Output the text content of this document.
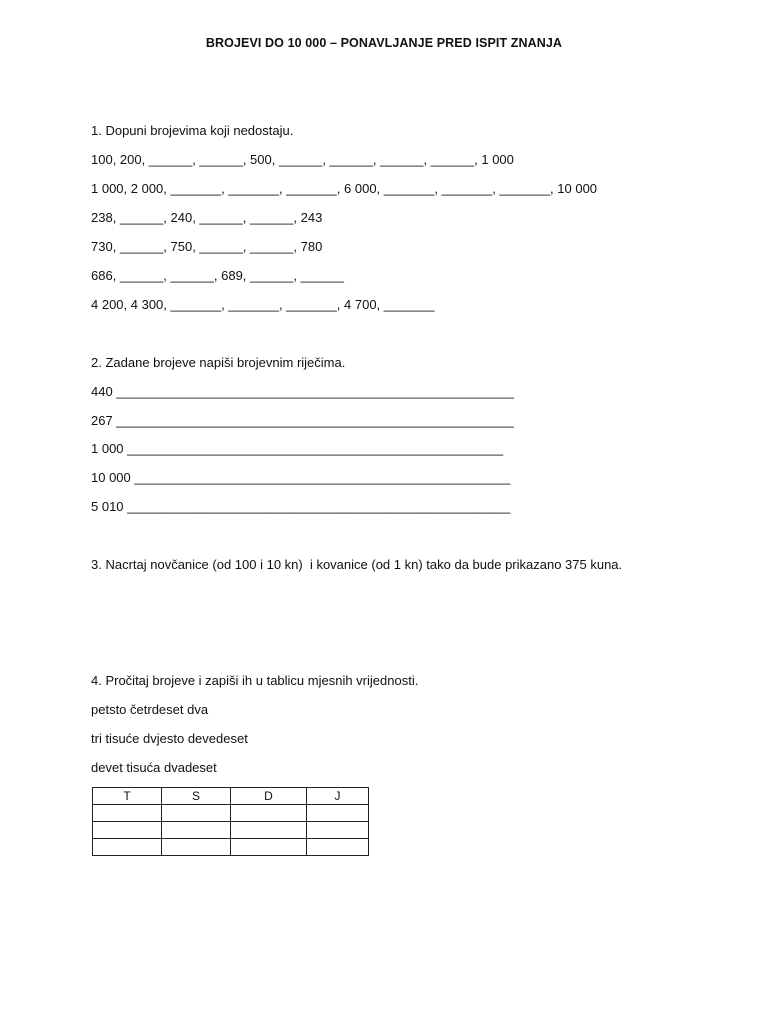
BROJEVI DO 10 000 – PONAVLJANJE PRED ISPIT ZNANJA
1. Dopuni brojevima koji nedostaju.
100, 200, ______, ______, 500, ______, ______, ______, ______, 1 000
1 000, 2 000, _______, _______, _______, 6 000, _______, _______, _______, 10 000
238, ______, 240, ______, ______, 243
730, ______, 750, ______, ______, 780
686, ______, ______, 689, ______, ______
4 200, 4 300, _______, _______, _______, 4 700, _______
2. Zadane brojeve napiši brojevnim riječima.
440 _______________________________________________________
267 _______________________________________________________
1 000 ____________________________________________________
10 000 ____________________________________________________
5 010 _____________________________________________________
3. Nacrtaj novčanice (od 100 i 10 kn)  i kovanice (od 1 kn) tako da bude prikazano 375 kuna.
4. Pročitaj brojeve i zapiši ih u tablicu mjesnih vrijednosti.
petsto četrdeset dva
tri tisuće dvjesto devedeset
devet tisuća dvadeset
T	S	D	J
